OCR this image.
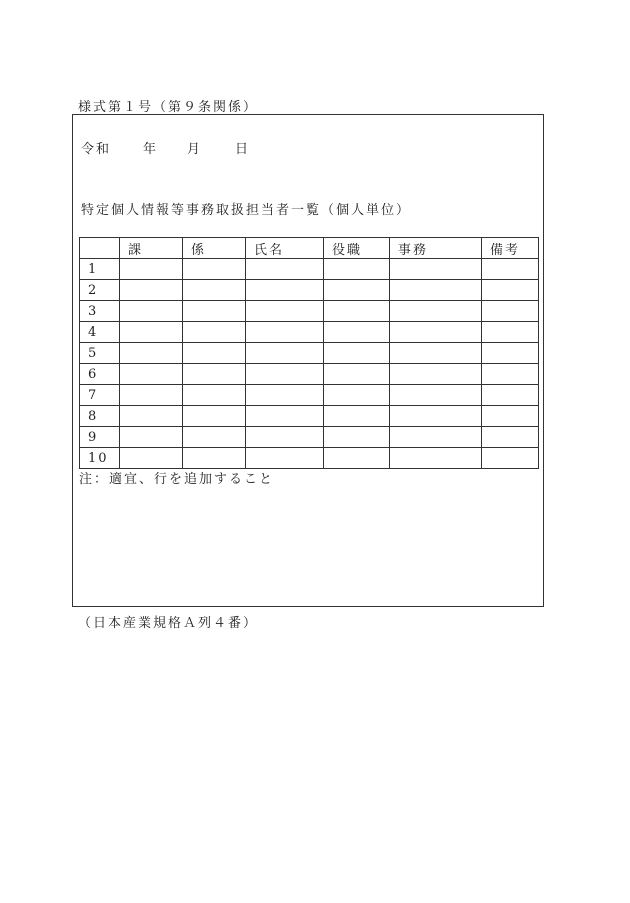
様式第１号（第９条関係）
令和 年 月	日
特定個人情報等事務取扱担当者一覧（個人単位）
	課	係	氏名	役職	事務	備考
1						
2						
3						
4						
5						
6						
7						
8						
9						
10						
注：適宜、行を追加すること
（日本産業規格Ａ列４番）
